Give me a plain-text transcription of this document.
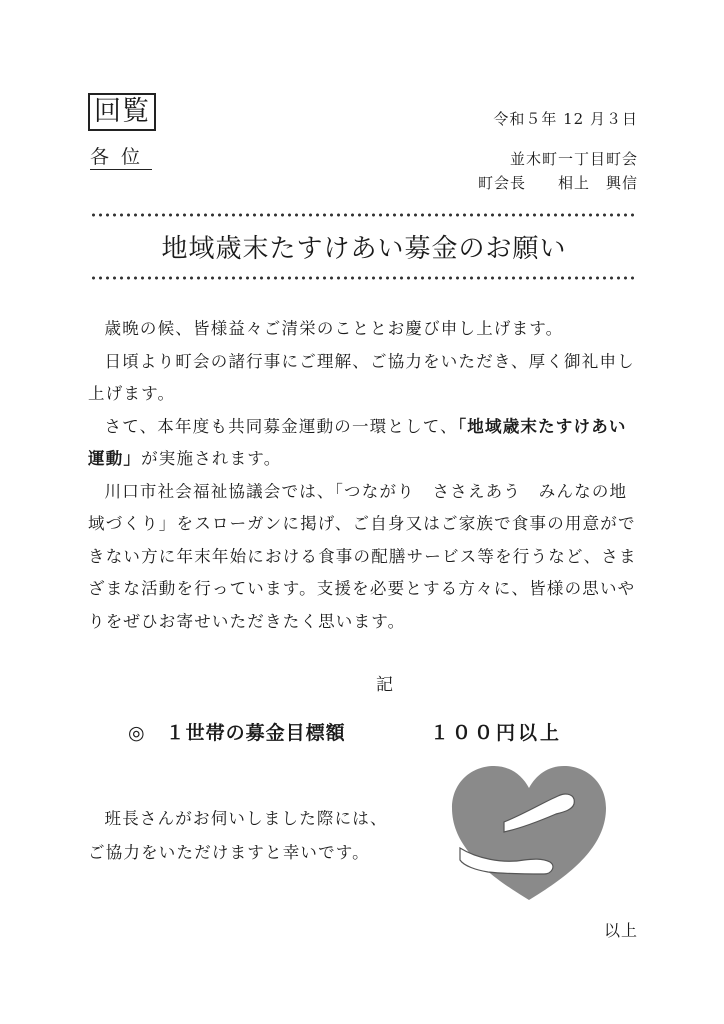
回覧
各位
令和５年 12 月３日
並木町一丁目町会
町会長　　相上　興信
地域歳末たすけあい募金のお願い

歳晩の候、皆様益々ご清栄のこととお慶び申し上げます。

日頃より町会の諸行事にご理解、ご協力をいただき、厚く御礼申し上げます。

さて、本年度も共同募金運動の一環として、「地域歳末たすけあい運動」が実施されます。

川口市社会福祉協議会では、「つながり　ささえあう　みんなの地域づくり」をスローガンに掲げ、ご自身又はご家族で食事の用意ができない方に年末年始における食事の配膳サービス等を行うなど、さまざまな活動を行っています。支援を必要とする方々に、皆様の思いやりをぜひお寄せいただきたく思います。

記
◎　１世帯の募金目標額	１００円以上

班長さんがお伺いしました際には、

ご協力をいただけますと幸いです。

以上
